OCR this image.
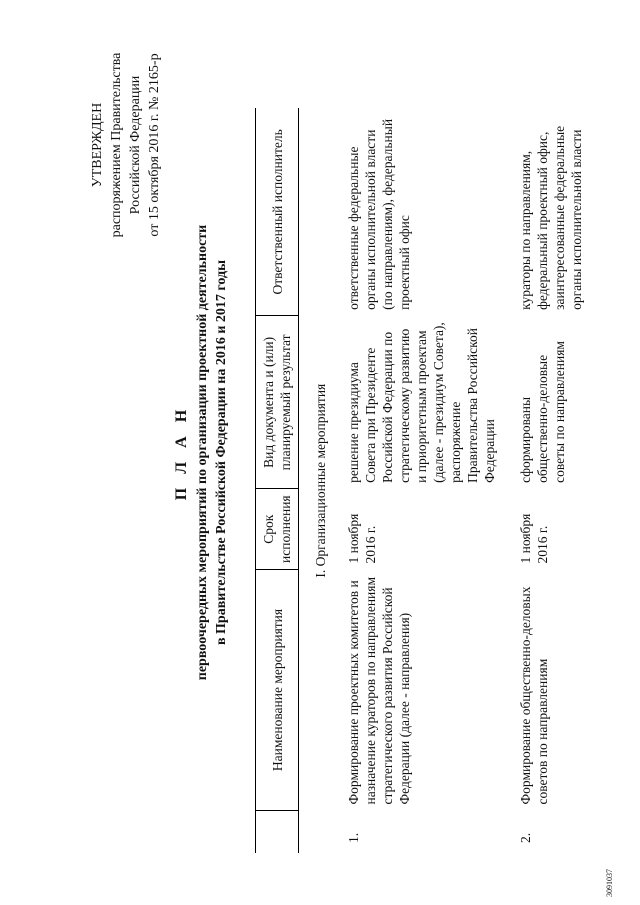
УТВЕРЖДЕН распоряжением Правительства Российской Федерации от 15 октября 2016 г. № 2165-р
П Л А Н первоочередных мероприятий по организации проектной деятельности в Правительстве Российской Федерации на 2016 и 2017 годы
	Наименование мероприятия	Срок исполнения	Вид документа и (или) планируемый результат	Ответственный исполнитель
I. Организационные мероприятия				
1.	Формирование проектных комитетов и назначение кураторов по направлениям стратегического развития Российской Федерации (далее - направления)	1 ноября 2016 г.	решение президиума Совета при Президенте Российской Федерации по стратегическому развитию и приоритетным проектам (далее - президиум Совета), распоряжение Правительства Российской Федерации	ответственные федеральные органы исполнительной власти (по направлениям), федеральный проектный офис
2.	Формирование общественно-деловых советов по направлениям	1 ноября 2016 г.	сформированы общественно-деловые советы по направлениям	кураторы по направлениям, федеральный проектный офис, заинтересованные федеральные органы исполнительной власти
3091037
